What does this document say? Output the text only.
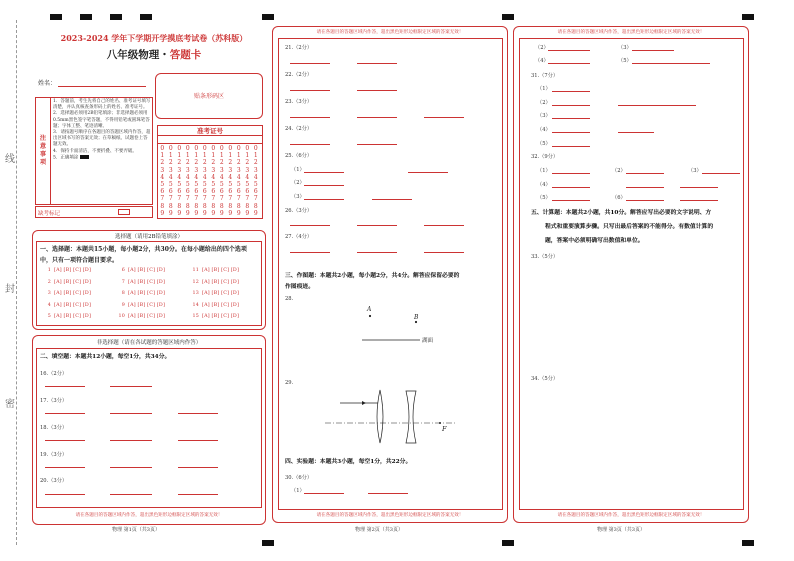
线
封
密
2023-2024 学年下学期开学摸底考试卷（苏科版）
八年级物理・答题卡
姓名：
贴条形码区
注
意
事
项
1．答题前，考生先将自己的姓名、准考证号填写清楚，并认真核查条形码上的姓名、准考证号。
2．选择题必须用2B铅笔填涂；非选择题必须用0.5mm黑色签字笔答题，不得用铅笔或圆珠笔答题；字体工整、笔迹清晰。
3．请按题号顺序在各题目的答题区域内作答，超出区域书写的答案无效；在草稿纸、试题卷上答题无效。
4．保持卡面清洁，不要折叠、不要弄破。
5．正确填涂
缺考标记
准考证号
0 0 0 0 0 0 0 0 0 0 0 0
1 1 1 1 1 1 1 1 1 1 1 1
2 2 2 2 2 2 2 2 2 2 2 2
3 3 3 3 3 3 3 3 3 3 3 3
4 4 4 4 4 4 4 4 4 4 4 4
5 5 5 5 5 5 5 5 5 5 5 5
6 6 6 6 6 6 6 6 6 6 6 6
7 7 7 7 7 7 7 7 7 7 7 7
8 8 8 8 8 8 8 8 8 8 8 8
9 9 9 9 9 9 9 9 9 9 9 9
选择题（请用2B铅笔填涂）
一、选择题：本题共15小题，每小题2分，共30分。在每小题给出的四个选项中，只有一项符合题目要求。
1 [A] [B] [C] [D]
2 [A] [B] [C] [D]
3 [A] [B] [C] [D]
4 [A] [B] [C] [D]
5 [A] [B] [C] [D]
6 [A] [B] [C] [D]
7 [A] [B] [C] [D]
8 [A] [B] [C] [D]
9 [A] [B] [C] [D]
10 [A] [B] [C] [D]
11 [A] [B] [C] [D]
12 [A] [B] [C] [D]
13 [A] [B] [C] [D]
14 [A] [B] [C] [D]
15 [A] [B] [C] [D]
非选择题（请在各试题的答题区域内作答）
二、填空题：本题共12小题，每空1分，共34分。
16.（2分）
17.（3分）
18.（3分）
19.（3分）
20.（3分）
请在各题目的答题区域内作答，超出黑色矩形边框限定区域的答案无效！
物理 第1页（共3页）
请在各题目的答题区域内作答，超出黑色矩形边框限定区域的答案无效！
21.（2分）
22.（2分）
23.（3分）
24.（2分）
25.（6分）
（1）
（2）
（3）
26.（3分）
27.（4分）
三、作图题：本题共2小题，每小题2分，共4分。解答应保留必要的
作图痕迹。
28.
A
B
湖面
29.
F
四、实验题：本题共3小题，每空1分，共22分。
30.（6分）
（1）
请在各题目的答题区域内作答，超出黑色矩形边框限定区域的答案无效！
物理 第2页（共3页）
请在各题目的答题区域内作答，超出黑色矩形边框限定区域的答案无效！
（2）	（3）
（4）	（5）
31.（7分）
（1）
（2）
（3）
（4）
（5）
32.（9分）
（1）	（2）	（3）
（4）
（5）	（6）
五、计算题：本题共2小题，共10分。解答应写出必要的文字说明、方
程式和重要演算步骤。只写出最后答案的不能得分。有数值计算的
题，答案中必须明确写出数值和单位。
33.（5分）
34.（5分）
请在各题目的答题区域内作答，超出黑色矩形边框限定区域的答案无效！
物理 第3页（共3页）
